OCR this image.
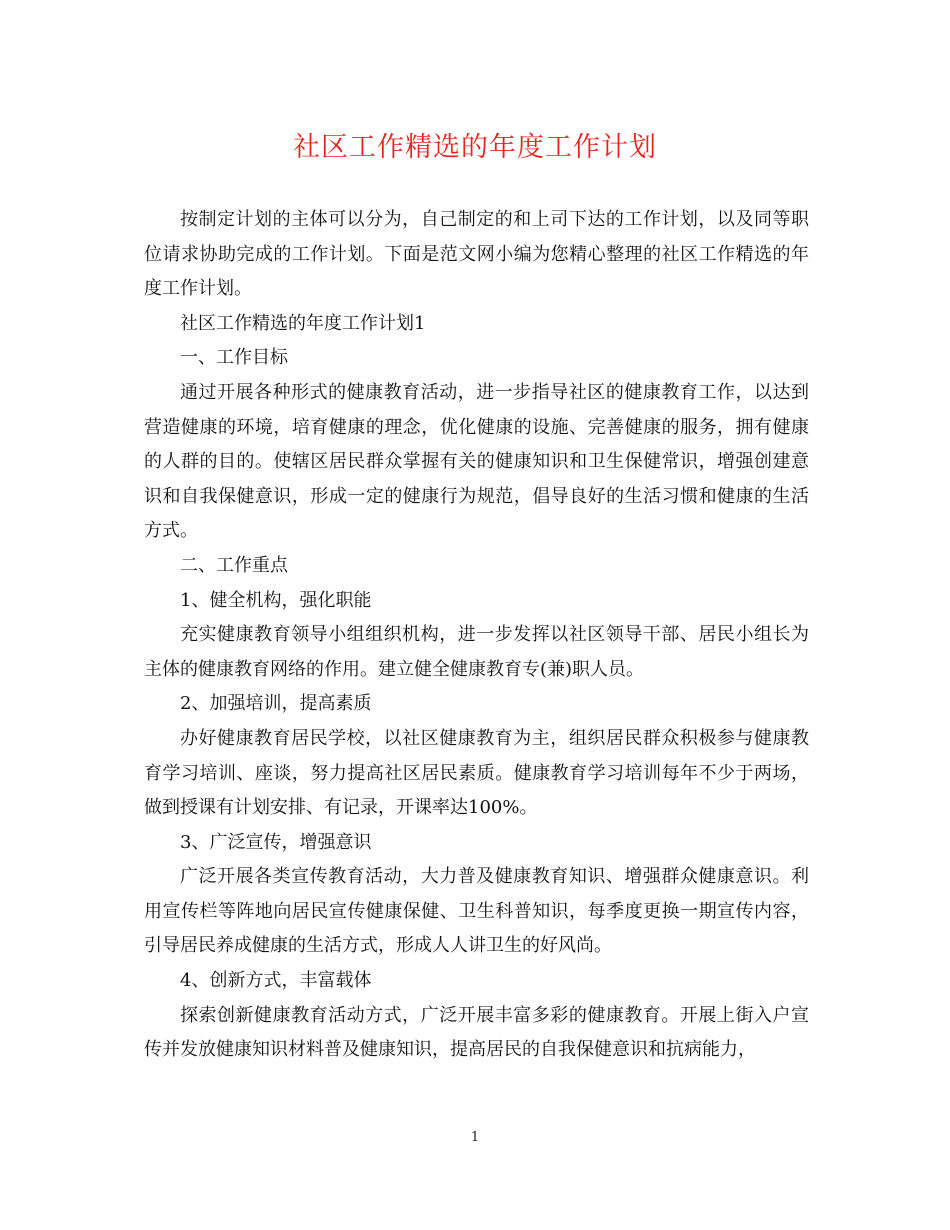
社区工作精选的年度工作计划

按制定计划的主体可以分为，自己制定的和上司下达的工作计划，以及同等职位请求协助完成的工作计划。下面是范文网小编为您精心整理的社区工作精选的年度工作计划。

社区工作精选的年度工作计划1

一、工作目标

通过开展各种形式的健康教育活动，进一步指导社区的健康教育工作，以达到营造健康的环境，培育健康的理念，优化健康的设施、完善健康的服务，拥有健康的人群的目的。使辖区居民群众掌握有关的健康知识和卫生保健常识，增强创建意识和自我保健意识，形成一定的健康行为规范，倡导良好的生活习惯和健康的生活方式。

二、工作重点

1、健全机构，强化职能

充实健康教育领导小组组织机构，进一步发挥以社区领导干部、居民小组长为主体的健康教育网络的作用。建立健全健康教育专(兼)职人员。

2、加强培训，提高素质

办好健康教育居民学校，以社区健康教育为主，组织居民群众积极参与健康教育学习培训、座谈，努力提高社区居民素质。健康教育学习培训每年不少于两场，做到授课有计划安排、有记录，开课率达100%。

3、广泛宣传，增强意识

广泛开展各类宣传教育活动，大力普及健康教育知识、增强群众健康意识。利用宣传栏等阵地向居民宣传健康保健、卫生科普知识，每季度更换一期宣传内容，引导居民养成健康的生活方式，形成人人讲卫生的好风尚。

4、创新方式，丰富载体

探索创新健康教育活动方式，广泛开展丰富多彩的健康教育。开展上街入户宣传并发放健康知识材料普及健康知识，提高居民的自我保健意识和抗病能力，

1
